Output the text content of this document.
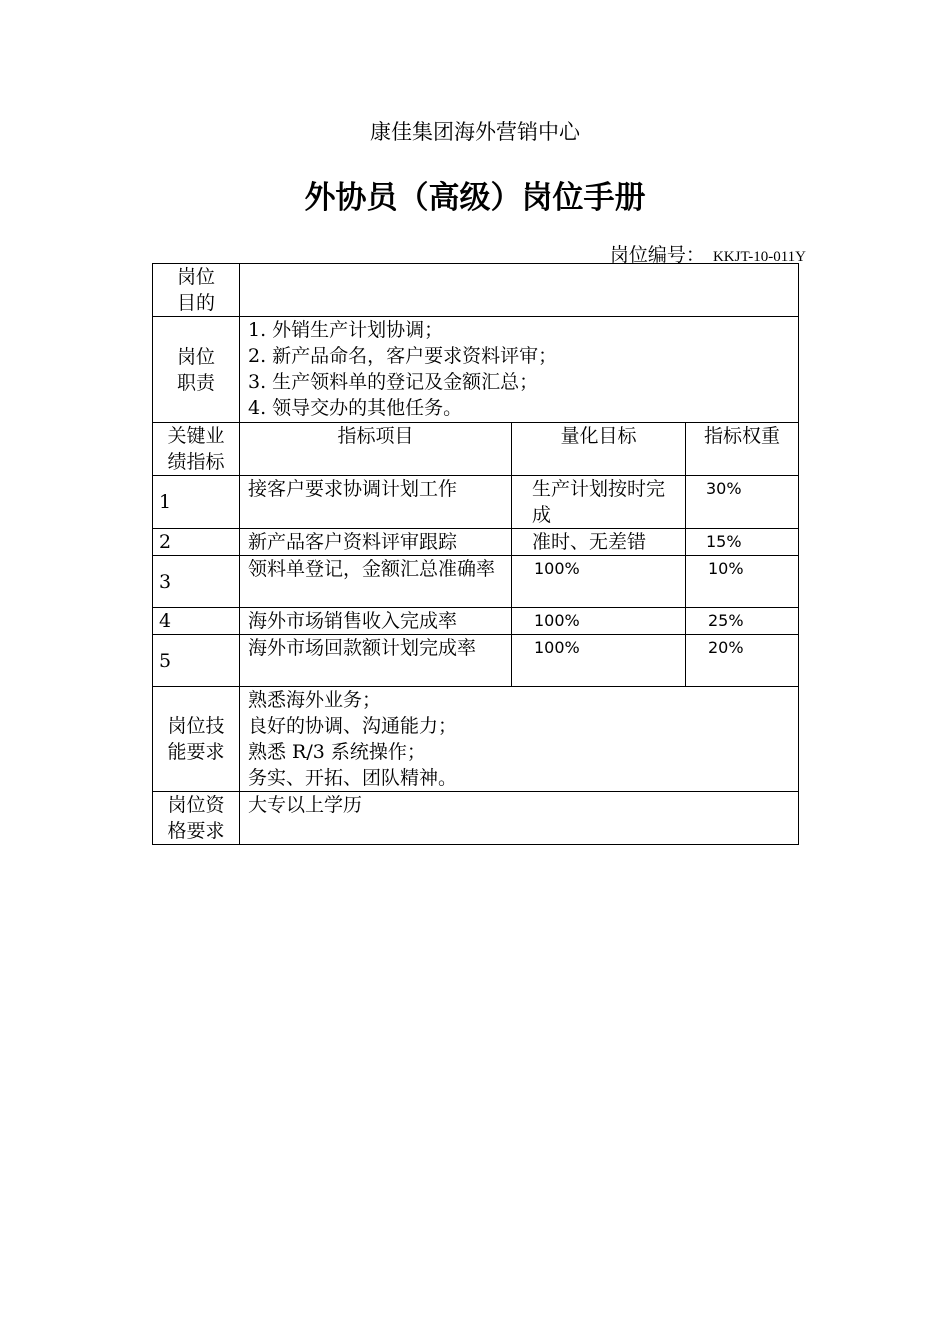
康佳集团海外营销中心
外协员（高级）岗位手册
岗位编号： KKJT-10-011Y
岗位目的			

岗位职责	1. 外销生产计划协调；
2. 新产品命名，客户要求资料评审；
3. 生产领料单的登记及金额汇总；
4. 领导交办的其他任务。		

关键业绩指标	指标项目	量化目标	指标权重
1	接客户要求协调计划工作	生产计划按时完成	30%
2	新产品客户资料评审跟踪	准时、无差错	15%
3	领料单登记，金额汇总准确率	100%	10%
4	海外市场销售收入完成率	100%	25%
5	海外市场回款额计划完成率	100%	20%

岗位技能要求	熟悉海外业务；
良好的协调、沟通能力；
熟悉 R/3 系统操作；
务实、开拓、团队精神。		

岗位资格要求	大专以上学历		
